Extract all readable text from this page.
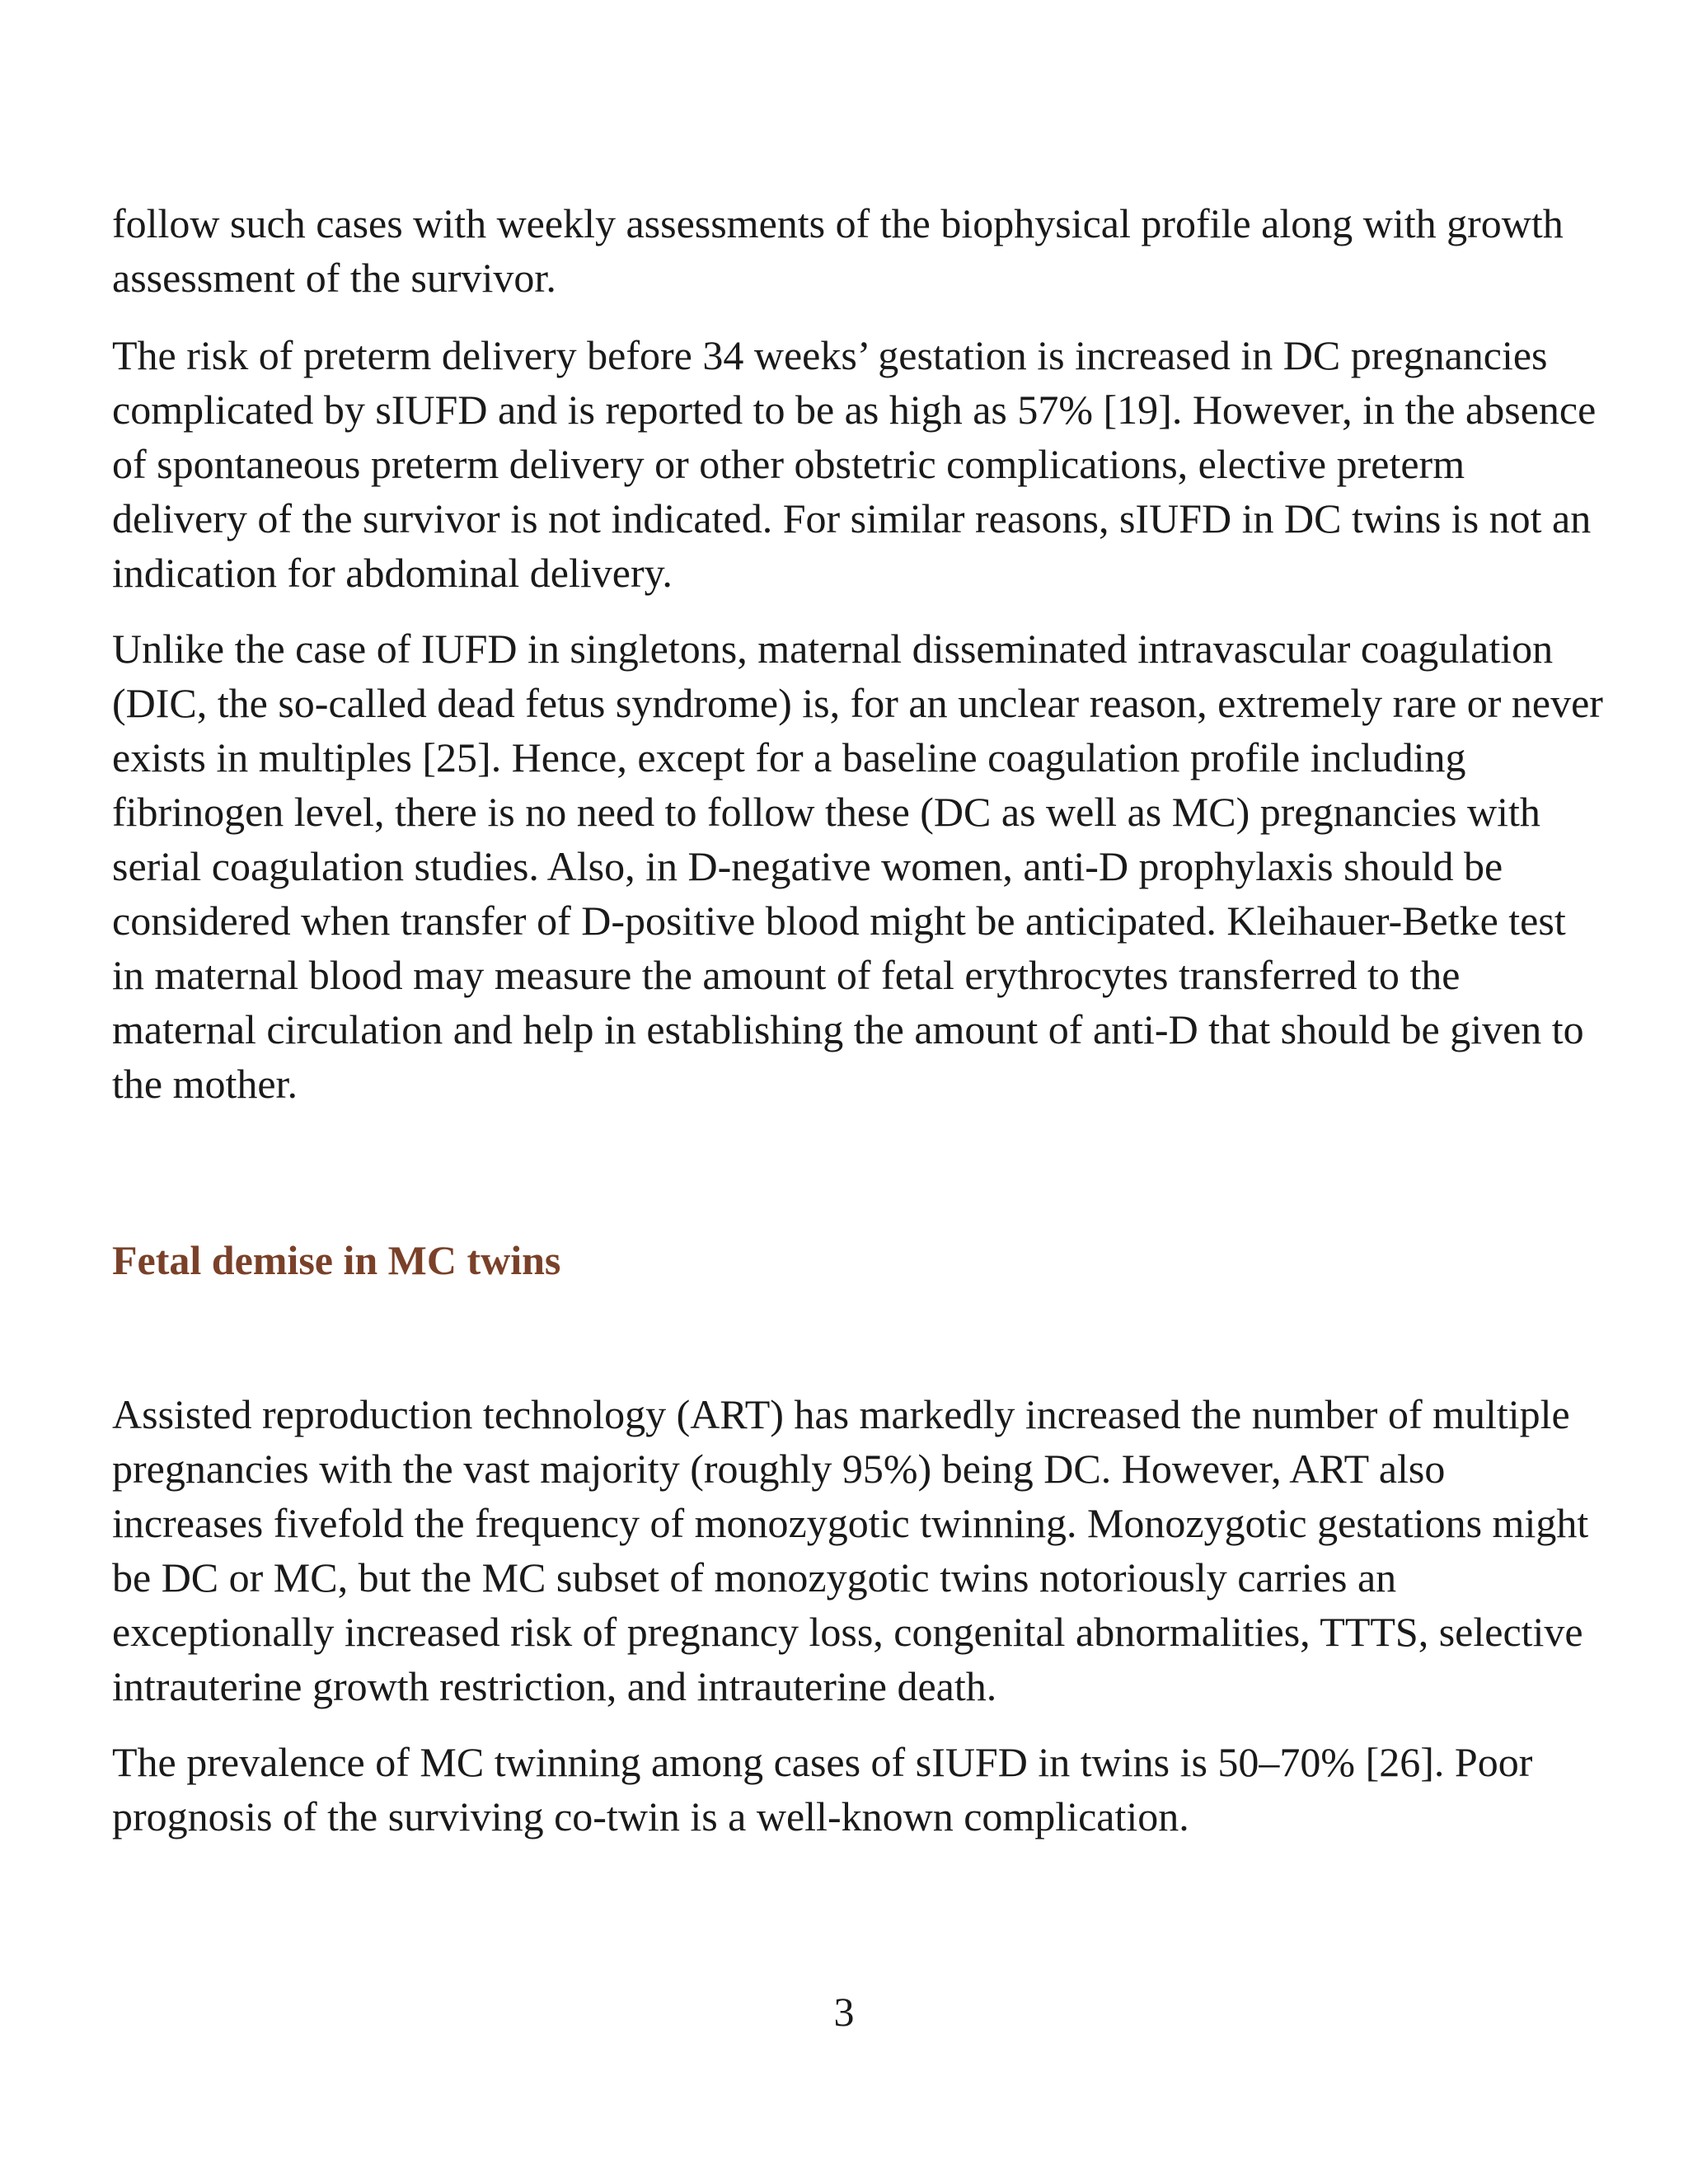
follow such cases with weekly assessments of the biophysical profile along with growth assessment of the survivor.

The risk of preterm delivery before 34 weeks’ gestation is increased in DC pregnancies complicated by sIUFD and is reported to be as high as 57% [19]. However, in the absence of spontaneous preterm delivery or other obstetric complications, elective preterm delivery of the survivor is not indicated. For similar reasons, sIUFD in DC twins is not an indication for abdominal delivery.

Unlike the case of IUFD in singletons, maternal disseminated intravascular coagulation (DIC, the so-called dead fetus syndrome) is, for an unclear reason, extremely rare or never exists in multiples [25]. Hence, except for a baseline coagulation profile including fibrinogen level, there is no need to follow these (DC as well as MC) pregnancies with serial coagulation studies. Also, in D-negative women, anti-D prophylaxis should be considered when transfer of D-positive blood might be anticipated. Kleihauer-Betke test in maternal blood may measure the amount of fetal erythrocytes transferred to the maternal circulation and help in establishing the amount of anti-D that should be given to the mother.

Fetal demise in MC twins

Assisted reproduction technology (ART) has markedly increased the number of multiple pregnancies with the vast majority (roughly 95%) being DC. However, ART also increases fivefold the frequency of monozygotic twinning. Monozygotic gestations might be DC or MC, but the MC subset of monozygotic twins notoriously carries an exceptionally increased risk of pregnancy loss, congenital abnormalities, TTTS, selective intrauterine growth restriction, and intrauterine death.

The prevalence of MC twinning among cases of sIUFD in twins is 50–70% [26]. Poor prognosis of the surviving co-twin is a well-known complication.

3
